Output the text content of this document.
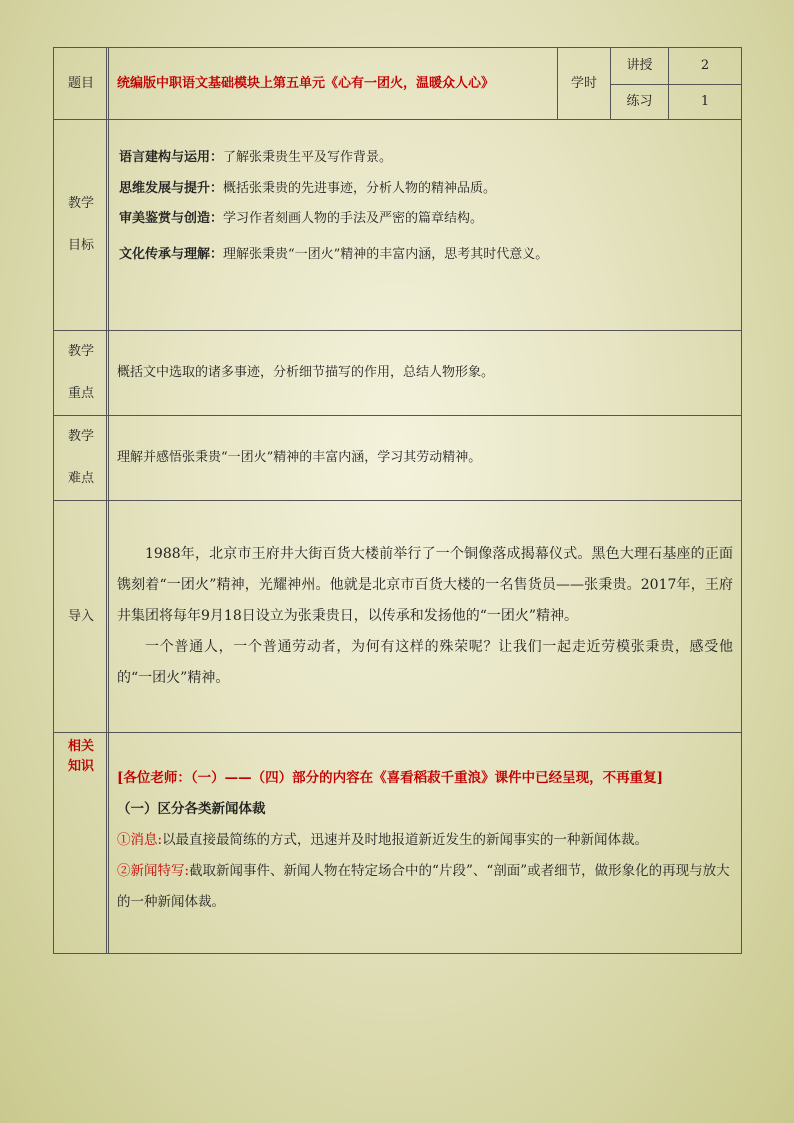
题目	统编版中职语文基础模块上第五单元《心有一团火，温暖众人心》	学时	讲授	2
			练习	1
教学目标	语言建构与运用：了解张秉贵生平及写作背景。
思维发展与提升：概括张秉贵的先进事迹，分析人物的精神品质。
审美鉴赏与创造：学习作者刻画人物的手法及严密的篇章结构。
文化传承与理解：理解张秉贵“一团火”精神的丰富内涵，思考其时代意义。			

教学重点	概括文中选取的诸多事迹，分析细节描写的作用，总结人物形象。			
教学难点	理解并感悟张秉贵“一团火”精神的丰富内涵，学习其劳动精神。			
导入	1988年，北京市王府井大街百货大楼前举行了一个铜像落成揭幕仪式。黑色大理石基座的正面镌刻着“一团火”精神，光耀神州。他就是北京市百货大楼的一名售货员——张秉贵。2017年，王府井集团将每年9月18日设立为张秉贵日，以传承和发扬他的“一团火”精神。

一个普通人，一个普通劳动者，为何有这样的殊荣呢？让我们一起走近劳模张秉贵，感受他的“一团火”精神。			

相关知识	[各位老师：（一）——（四）部分的内容在《喜看稻菽千重浪》课件中已经呈现，不再重复]

（一）区分各类新闻体裁

①消息:以最直接最简练的方式，迅速并及时地报道新近发生的新闻事实的一种新闻体裁。

②新闻特写:截取新闻事件、新闻人物在特定场合中的“片段”、“剖面”或者细节，做形象化的再现与放大的一种新闻体裁。			
